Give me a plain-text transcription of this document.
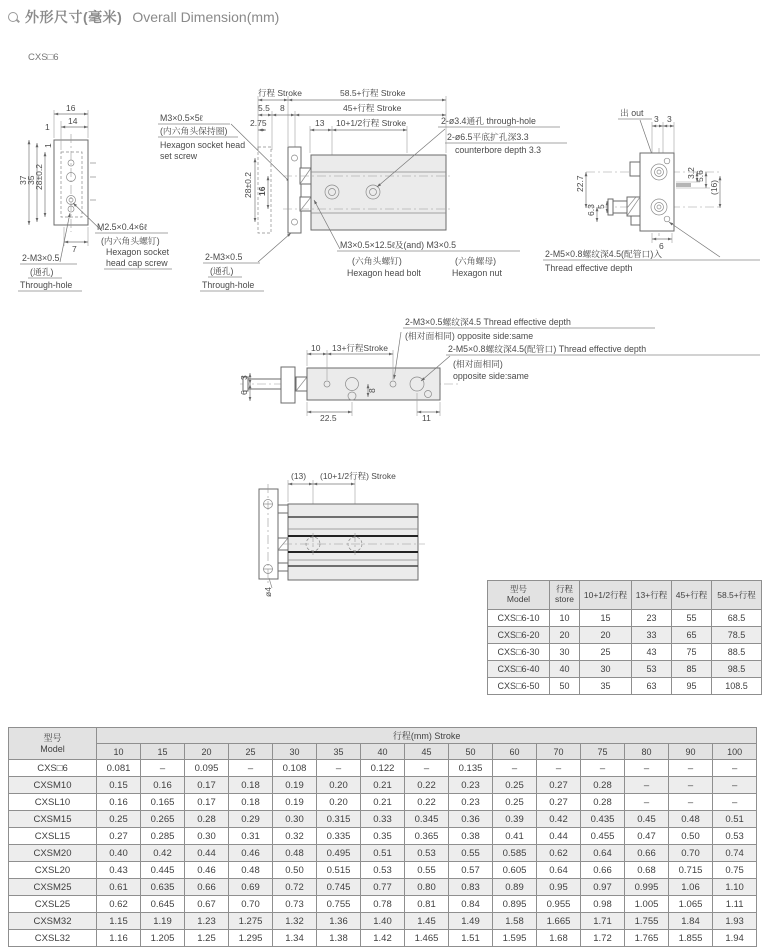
外形尺寸(毫米) Overall Dimension(mm)
CXS□6
16
1
14
37
35
28±0.2
1
7
M2.5×0.4×6ℓ
(内六角头螺钉)
Hexagon socket
head cap screw
2-M3×0.5
(通孔)
Through-hole
M3×0.5×5ℓ
(内六角头保持圈)
Hexagon socket head
set screw
行程 Stroke	58.5+行程 Stroke
5.5 8	45+行程 Stroke
2.75	13 10+1/2行程 Stroke
28±0.2 16
2-ø3.4通孔 through-hole
2-ø6.5平底扩孔深3.3
counterbore depth 3.3
M3×0.5×12.5ℓ及(and) M3×0.5
(六角头螺钉)	(六角螺母)
Hexagon head bolt	Hexagon nut
2-M3×0.5
(通孔)
Through-hole
出 out
3 3
22.7
6.3 5
3.2 5.6
(16)
6
2-M5×0.8螺纹深4.5(配管口)入
Thread effective depth
10 13+行程Stroke
3
6	8
22.5	11
2-M3×0.5螺纹深4.5 Thread effective depth
(相对面相同) opposite side:same
2-M5×0.8螺纹深4.5(配管口) Thread effective depth
(相对面相同)
opposite side:same
(13) (10+1/2行程) Stroke
ø4	型号
Model	行程
store	10+1/2行程	13+行程	45+行程	58.5+行程
CXS□6-10	10	15	23	55	68.5
CXS□6-20	20	20	33	65	78.5
CXS□6-30	30	25	43	75	88.5
CXS□6-40	40	30	53	85	98.5
CXS□6-50	50	35	63	95	108.5
型号
Model	行程(mm) Stroke														
	10	15	20	25	30	35	40	45	50	60	70	75	80	90	100
CXS□6	0.081	–	0.095	–	0.108	–	0.122	–	0.135	–	–	–	–	–	–
CXSM10	0.15	0.16	0.17	0.18	0.19	0.20	0.21	0.22	0.23	0.25	0.27	0.28	–	–	–
CXSL10	0.16	0.165	0.17	0.18	0.19	0.20	0.21	0.22	0.23	0.25	0.27	0.28	–	–	–
CXSM15	0.25	0.265	0.28	0.29	0.30	0.315	0.33	0.345	0.36	0.39	0.42	0.435	0.45	0.48	0.51
CXSL15	0.27	0.285	0.30	0.31	0.32	0.335	0.35	0.365	0.38	0.41	0.44	0.455	0.47	0.50	0.53
CXSM20	0.40	0.42	0.44	0.46	0.48	0.495	0.51	0.53	0.55	0.585	0.62	0.64	0.66	0.70	0.74
CXSL20	0.43	0.445	0.46	0.48	0.50	0.515	0.53	0.55	0.57	0.605	0.64	0.66	0.68	0.715	0.75
CXSM25	0.61	0.635	0.66	0.69	0.72	0.745	0.77	0.80	0.83	0.89	0.95	0.97	0.995	1.06	1.10
CXSL25	0.62	0.645	0.67	0.70	0.73	0.755	0.78	0.81	0.84	0.895	0.955	0.98	1.005	1.065	1.11
CXSM32	1.15	1.19	1.23	1.275	1.32	1.36	1.40	1.45	1.49	1.58	1.665	1.71	1.755	1.84	1.93
CXSL32	1.16	1.205	1.25	1.295	1.34	1.38	1.42	1.465	1.51	1.595	1.68	1.72	1.765	1.855	1.94
